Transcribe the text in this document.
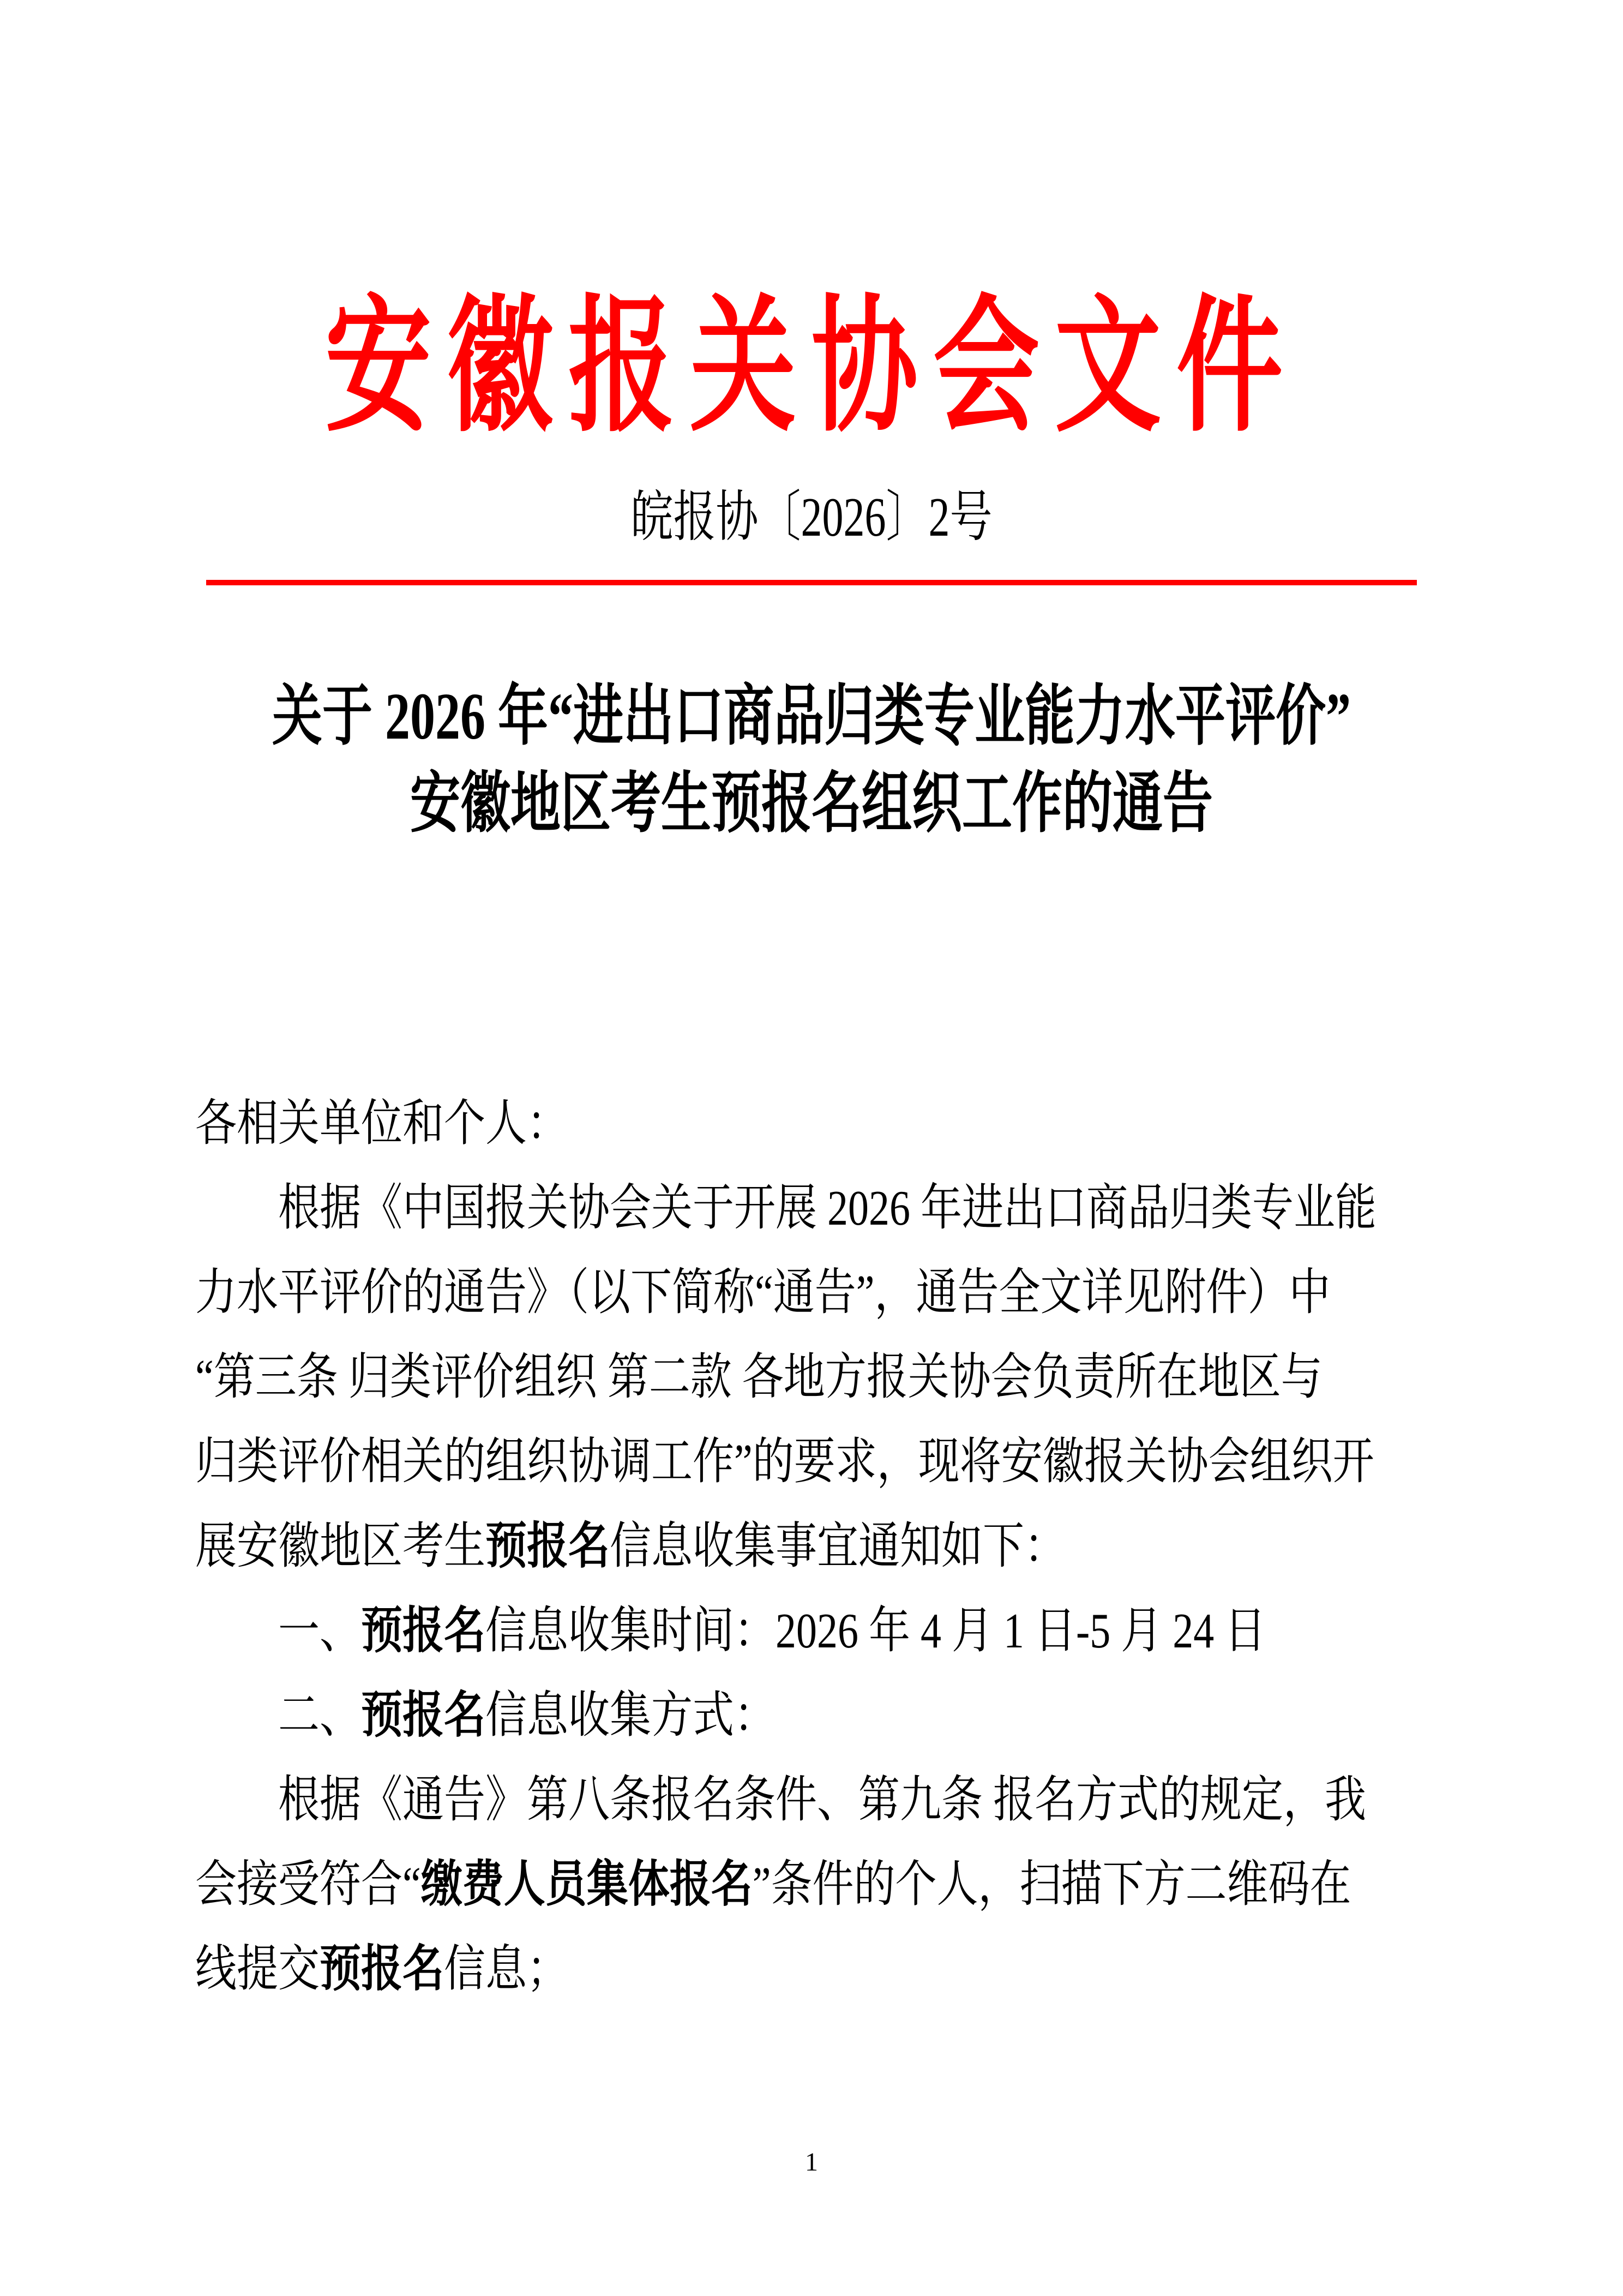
安徽报关协会文件
皖报协〔2026〕2号
关于 2026 年“进出口商品归类专业能力水平评价”
安徽地区考生预报名组织工作的通告
各相关单位和个人：
根据《中国报关协会关于开展 2026 年进出口商品归类专业能
力水平评价的通告》（以下简称“通告”，通告全文详见附件）中
“第三条 归类评价组织 第二款 各地方报关协会负责所在地区与
归类评价相关的组织协调工作”的要求，现将安徽报关协会组织开
展安徽地区考生预报名信息收集事宜通知如下：
一、预报名信息收集时间：2026 年 4 月 1 日-5 月 24 日
二、预报名信息收集方式：
根据《通告》第八条报名条件、第九条 报名方式的规定，我
会接受符合“缴费人员集体报名”条件的个人，扫描下方二维码在
线提交预报名信息；
1
